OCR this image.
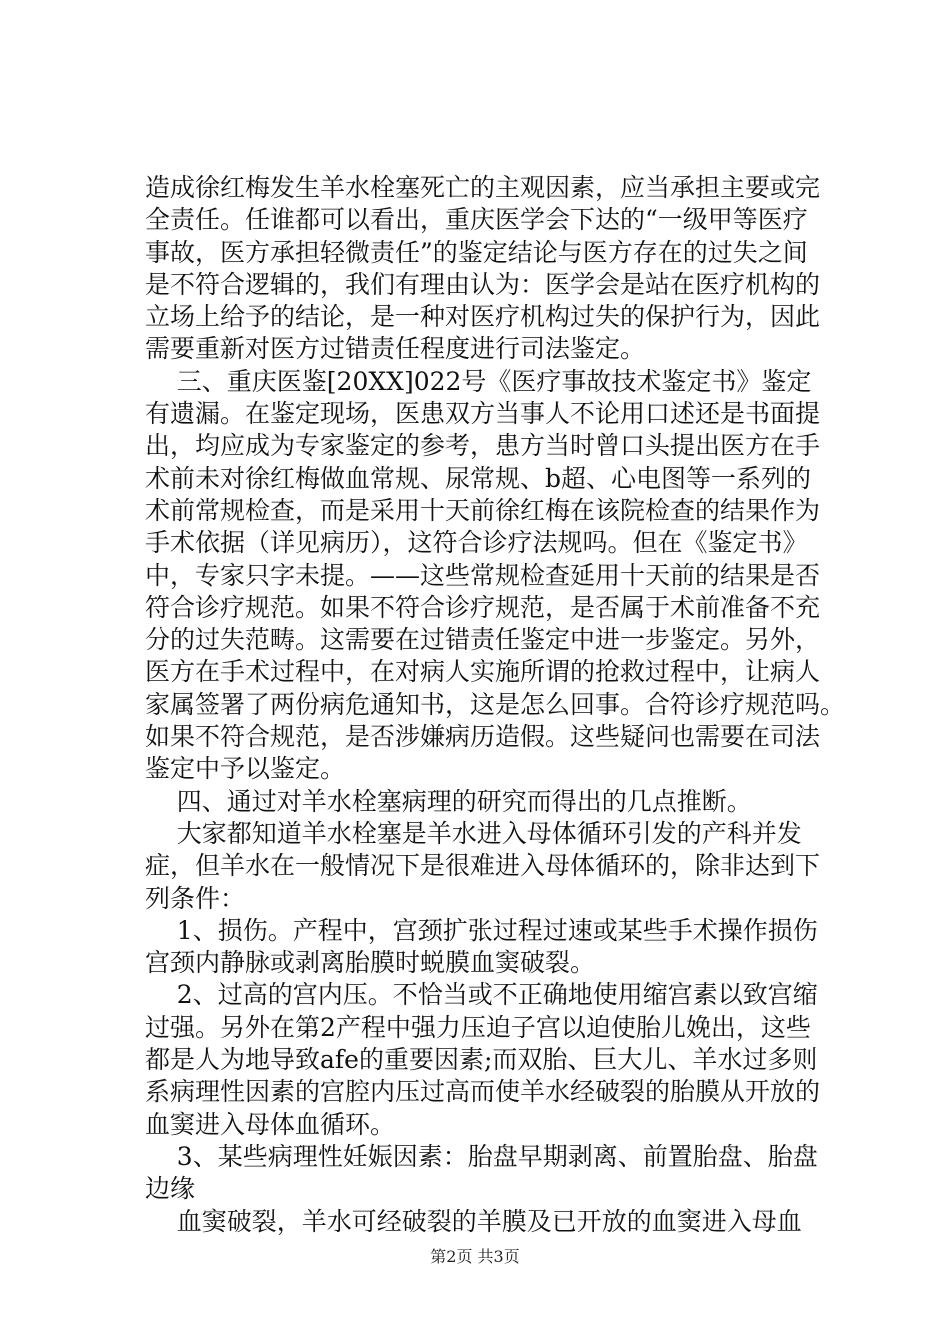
造成徐红梅发生羊水栓塞死亡的主观因素，应当承担主要或完
全责任。任谁都可以看出，重庆医学会下达的“一级甲等医疗
事故，医方承担轻微责任”的鉴定结论与医方存在的过失之间
是不符合逻辑的，我们有理由认为：医学会是站在医疗机构的
立场上给予的结论，是一种对医疗机构过失的保护行为，因此
需要重新对医方过错责任程度进行司法鉴定。
三、重庆医鉴[20XX]022号《医疗事故技术鉴定书》鉴定
有遗漏。在鉴定现场，医患双方当事人不论用口述还是书面提
出，均应成为专家鉴定的参考，患方当时曾口头提出医方在手
术前未对徐红梅做血常规、尿常规、b超、心电图等一系列的
术前常规检查，而是采用十天前徐红梅在该院检查的结果作为
手术依据（详见病历），这符合诊疗法规吗。但在《鉴定书》
中，专家只字未提。——这些常规检查延用十天前的结果是否
符合诊疗规范。如果不符合诊疗规范，是否属于术前准备不充
分的过失范畴。这需要在过错责任鉴定中进一步鉴定。另外，
医方在手术过程中，在对病人实施所谓的抢救过程中，让病人
家属签署了两份病危通知书，这是怎么回事。合符诊疗规范吗。
如果不符合规范，是否涉嫌病历造假。这些疑问也需要在司法
鉴定中予以鉴定。
四、通过对羊水栓塞病理的研究而得出的几点推断。
大家都知道羊水栓塞是羊水进入母体循环引发的产科并发
症，但羊水在一般情况下是很难进入母体循环的，除非达到下
列条件：
1、损伤。产程中，宫颈扩张过程过速或某些手术操作损伤
宫颈内静脉或剥离胎膜时蜕膜血窦破裂。
2、过高的宫内压。不恰当或不正确地使用缩宫素以致宫缩
过强。另外在第2产程中强力压迫子宫以迫使胎儿娩出，这些
都是人为地导致afe的重要因素;而双胎、巨大儿、羊水过多则
系病理性因素的宫腔内压过高而使羊水经破裂的胎膜从开放的
血窦进入母体血循环。
3、某些病理性妊娠因素：胎盘早期剥离、前置胎盘、胎盘
边缘
血窦破裂，羊水可经破裂的羊膜及已开放的血窦进入母血
第2页 共3页
